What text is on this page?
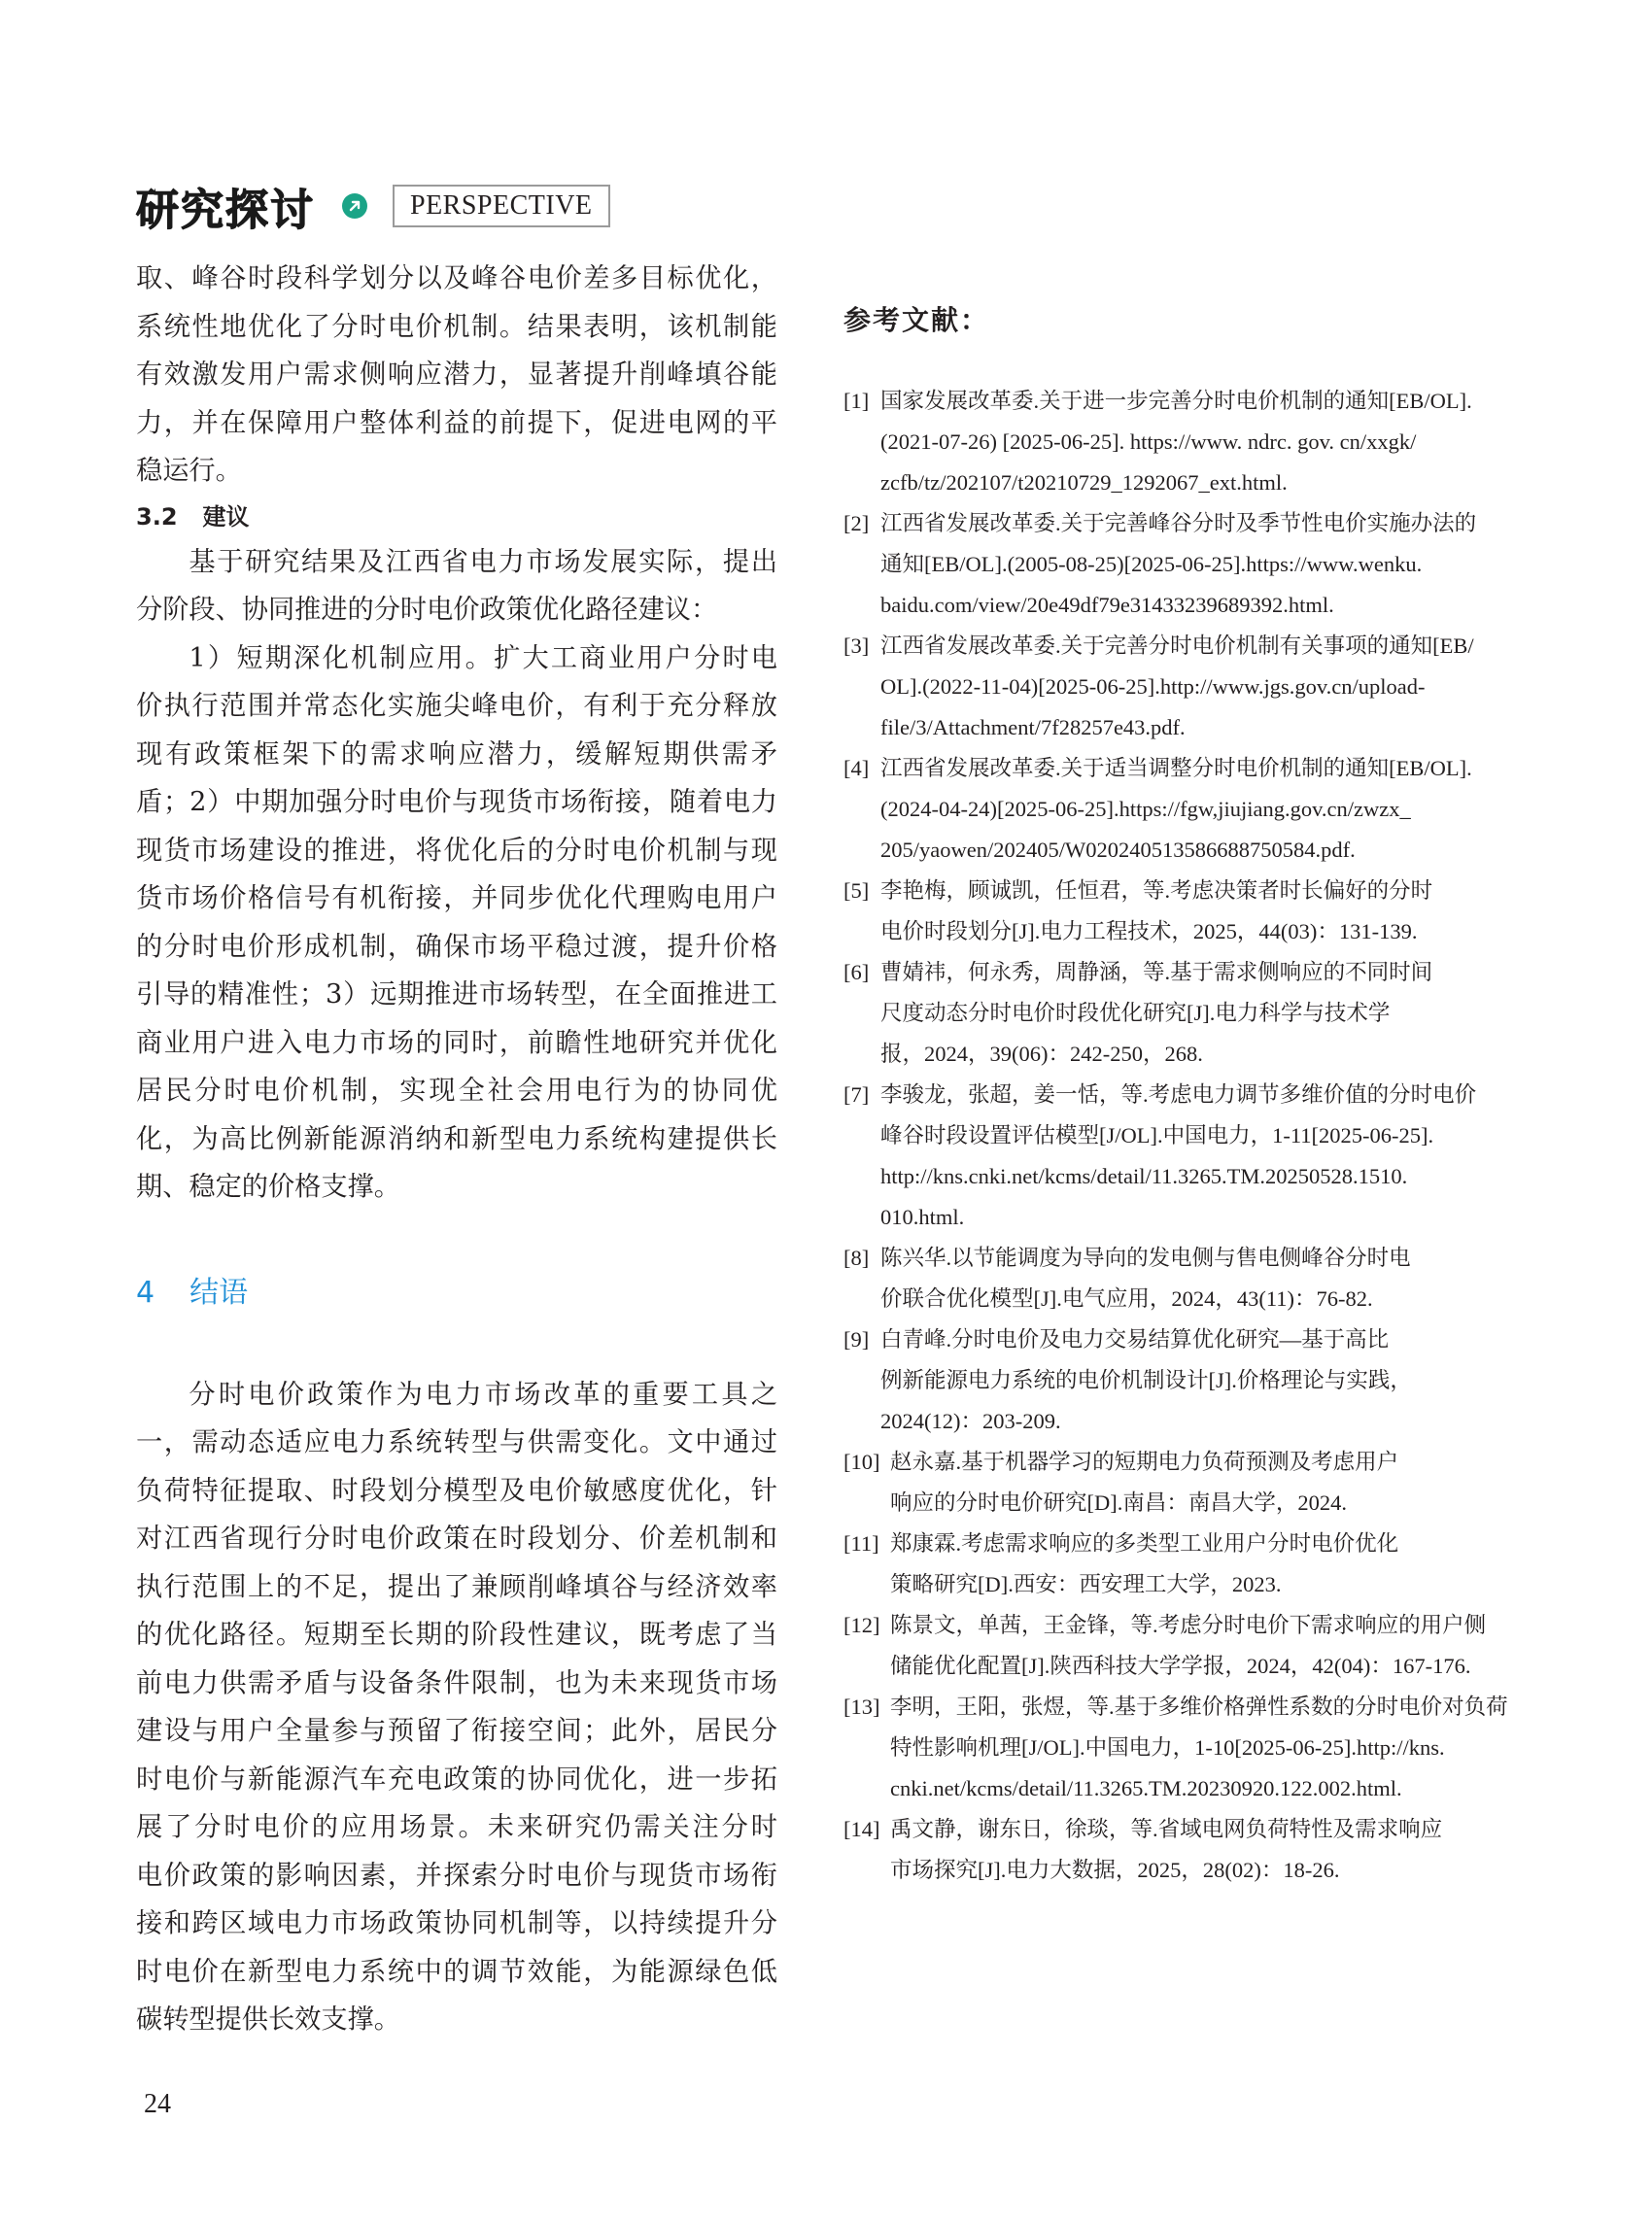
研究探讨	PERSPECTIVE

取、峰谷时段科学划分以及峰谷电价差多目标优化，
系统性地优化了分时电价机制。结果表明，该机制能
有效激发用户需求侧响应潜力，显著提升削峰填谷能
力，并在保障用户整体利益的前提下，促进电网的平
稳运行。

3.2 建议

基于研究结果及江西省电力市场发展实际，提出
分阶段、协同推进的分时电价政策优化路径建议：

1）短期深化机制应用。扩大工商业用户分时电
价执行范围并常态化实施尖峰电价，有利于充分释放
现有政策框架下的需求响应潜力，缓解短期供需矛
盾；2）中期加强分时电价与现货市场衔接，随着电力
现货市场建设的推进，将优化后的分时电价机制与现
货市场价格信号有机衔接，并同步优化代理购电用户
的分时电价形成机制，确保市场平稳过渡，提升价格
引导的精准性；3）远期推进市场转型，在全面推进工
商业用户进入电力市场的同时，前瞻性地研究并优化
居民分时电价机制，实现全社会用电行为的协同优
化，为高比例新能源消纳和新型电力系统构建提供长
期、稳定的价格支撑。

4 结语

分时电价政策作为电力市场改革的重要工具之
一，需动态适应电力系统转型与供需变化。文中通过
负荷特征提取、时段划分模型及电价敏感度优化，针
对江西省现行分时电价政策在时段划分、价差机制和
执行范围上的不足，提出了兼顾削峰填谷与经济效率
的优化路径。短期至长期的阶段性建议，既考虑了当
前电力供需矛盾与设备条件限制，也为未来现货市场
建设与用户全量参与预留了衔接空间；此外，居民分
时电价与新能源汽车充电政策的协同优化，进一步拓
展了分时电价的应用场景。未来研究仍需关注分时
电价政策的影响因素，并探索分时电价与现货市场衔
接和跨区域电力市场政策协同机制等，以持续提升分
时电价在新型电力系统中的调节效能，为能源绿色低
碳转型提供长效支撑。

参考文献：

[1] 国家发展改革委.关于进一步完善分时电价机制的通知[EB/OL].
(2021-07-26) [2025-06-25]. https://www. ndrc. gov. cn/xxgk/
zcfb/tz/202107/t20210729_1292067_ext.html.

[2] 江西省发展改革委.关于完善峰谷分时及季节性电价实施办法的
通知[EB/OL].(2005-08-25)[2025-06-25].https://www.wenku.
baidu.com/view/20e49df79e31433239689392.html.

[3] 江西省发展改革委.关于完善分时电价机制有关事项的通知[EB/
OL].(2022-11-04)[2025-06-25].http://www.jgs.gov.cn/upload-
file/3/Attachment/7f28257e43.pdf.

[4] 江西省发展改革委.关于适当调整分时电价机制的通知[EB/OL].
(2024-04-24)[2025-06-25].https://fgw,jiujiang.gov.cn/zwzx_
205/yaowen/202405/W020240513586688750584.pdf.

[5] 李艳梅，顾诚凯，任恒君，等.考虑决策者时长偏好的分时
电价时段划分[J].电力工程技术，2025，44(03)：131-139.

[6] 曹婧祎，何永秀，周静涵，等.基于需求侧响应的不同时间
尺度动态分时电价时段优化研究[J].电力科学与技术学
报，2024，39(06)：242-250，268.

[7] 李骏龙，张超，姜一恬，等.考虑电力调节多维价值的分时电价
峰谷时段设置评估模型[J/OL].中国电力，1-11[2025-06-25].
http://kns.cnki.net/kcms/detail/11.3265.TM.20250528.1510.
010.html.

[8] 陈兴华.以节能调度为导向的发电侧与售电侧峰谷分时电
价联合优化模型[J].电气应用，2024，43(11)：76-82.

[9] 白青峰.分时电价及电力交易结算优化研究—基于高比
例新能源电力系统的电价机制设计[J].价格理论与实践，
2024(12)：203-209.

[10] 赵永嘉.基于机器学习的短期电力负荷预测及考虑用户
响应的分时电价研究[D].南昌：南昌大学，2024.

[11] 郑康霖.考虑需求响应的多类型工业用户分时电价优化
策略研究[D].西安：西安理工大学，2023.

[12] 陈景文，单茜，王金锋，等.考虑分时电价下需求响应的用户侧
储能优化配置[J].陕西科技大学学报，2024，42(04)：167-176.

[13] 李明，王阳，张煜，等.基于多维价格弹性系数的分时电价对负荷
特性影响机理[J/OL].中国电力，1-10[2025-06-25].http://kns.
cnki.net/kcms/detail/11.3265.TM.20230920.122.002.html.

[14] 禹文静，谢东日，徐琰，等.省域电网负荷特性及需求响应
市场探究[J].电力大数据，2025，28(02)：18-26.

24
